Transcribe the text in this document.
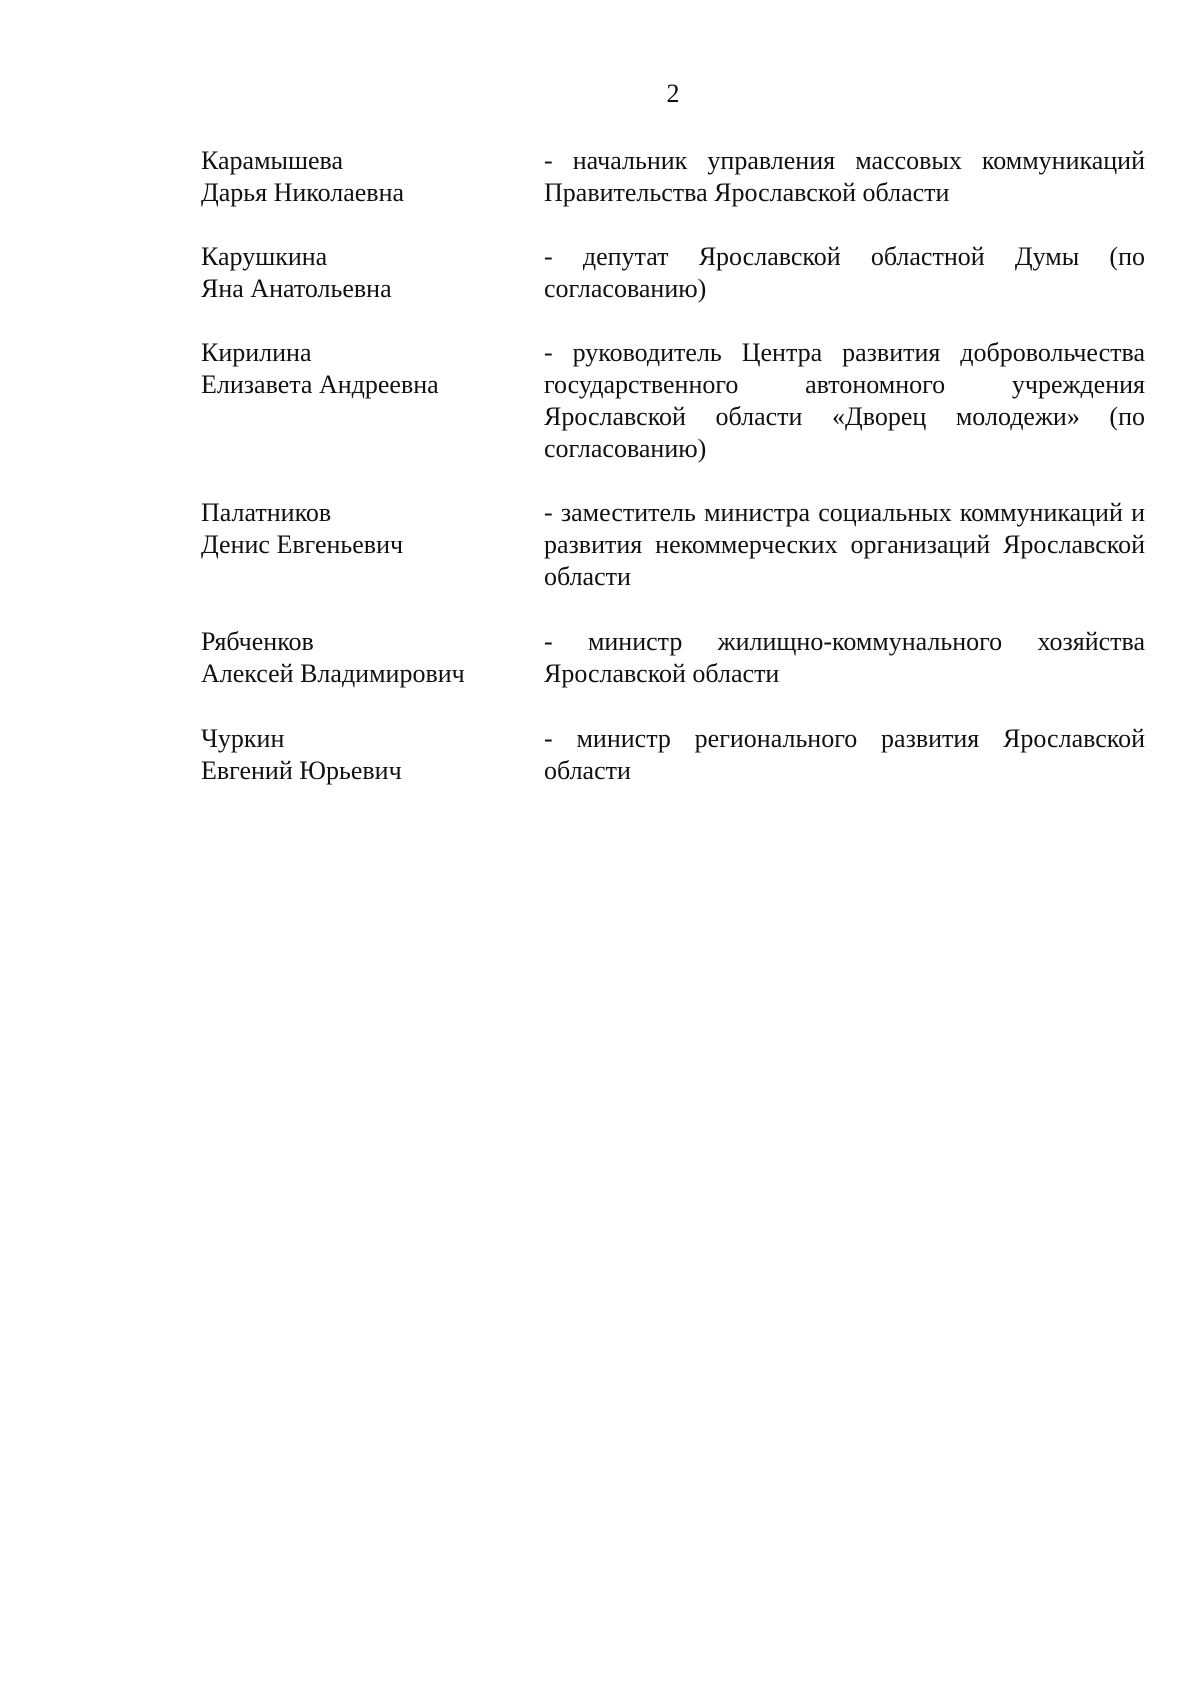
2
Карамышева
Дарья Николаевна
- начальник управления массовых коммуникаций Правительства Ярославской области
Карушкина
Яна Анатольевна
- депутат Ярославской областной Думы (по согласованию)
Кирилина
Елизавета Андреевна
- руководитель Центра развития добровольчества государственного автономного учреждения Ярославской области «Дворец молодежи» (по согласованию)
Палатников
Денис Евгеньевич
- заместитель министра социальных коммуникаций и развития некоммерческих организаций Ярославской области
Рябченков
Алексей Владимирович
- министр жилищно-коммунального хозяйства Ярославской области
Чуркин
Евгений Юрьевич
- министр регионального развития Ярославской области
